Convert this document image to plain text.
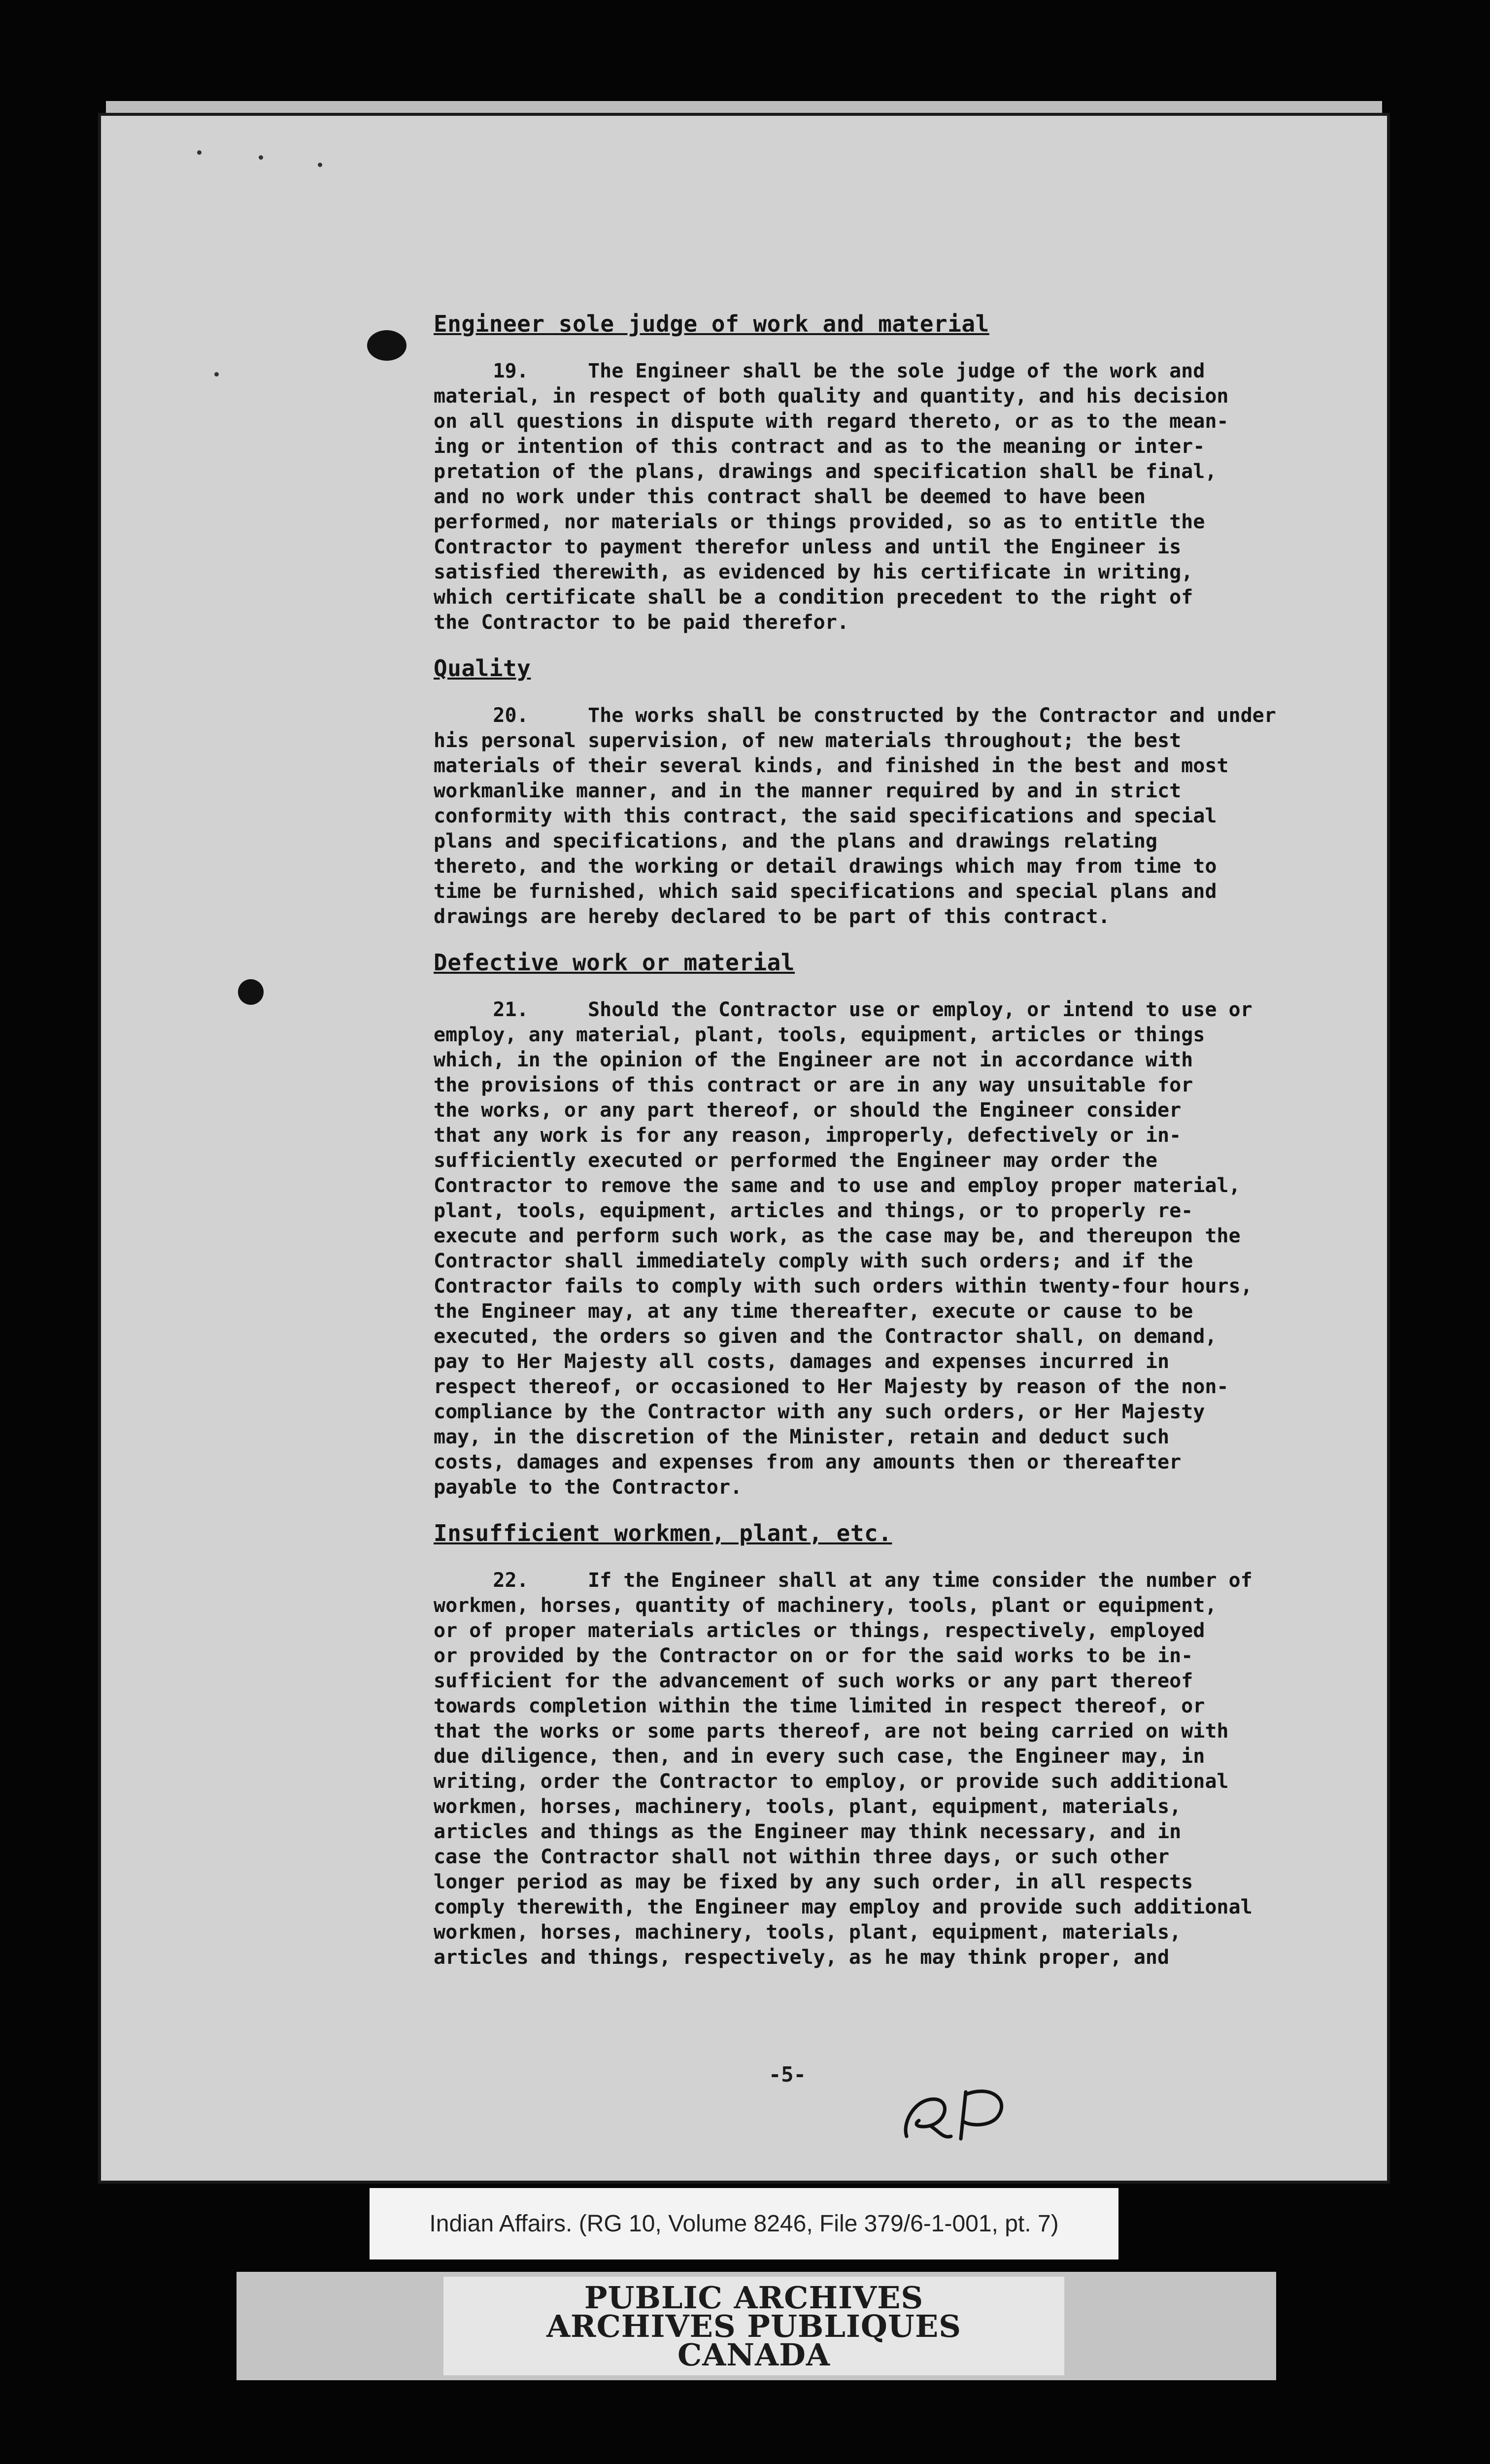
Engineer sole judge of work and material

19.     The Engineer shall be the sole judge of the work and
material, in respect of both quality and quantity, and his decision
on all questions in dispute with regard thereto, or as to the mean-
ing or intention of this contract and as to the meaning or inter-
pretation of the plans, drawings and specification shall be final,
and no work under this contract shall be deemed to have been
performed, nor materials or things provided, so as to entitle the
Contractor to payment therefor unless and until the Engineer is
satisfied therewith, as evidenced by his certificate in writing,
which certificate shall be a condition precedent to the right of
the Contractor to be paid therefor.

Quality

20.     The works shall be constructed by the Contractor and under
his personal supervision, of new materials throughout; the best
materials of their several kinds, and finished in the best and most
workmanlike manner, and in the manner required by and in strict
conformity with this contract, the said specifications and special
plans and specifications, and the plans and drawings relating
thereto, and the working or detail drawings which may from time to
time be furnished, which said specifications and special plans and
drawings are hereby declared to be part of this contract.

Defective work or material

21.     Should the Contractor use or employ, or intend to use or
employ, any material, plant, tools, equipment, articles or things
which, in the opinion of the Engineer are not in accordance with
the provisions of this contract or are in any way unsuitable for
the works, or any part thereof, or should the Engineer consider
that any work is for any reason, improperly, defectively or in-
sufficiently executed or performed the Engineer may order the
Contractor to remove the same and to use and employ proper material,
plant, tools, equipment, articles and things, or to properly re-
execute and perform such work, as the case may be, and thereupon the
Contractor shall immediately comply with such orders; and if the
Contractor fails to comply with such orders within twenty-four hours,
the Engineer may, at any time thereafter, execute or cause to be
executed, the orders so given and the Contractor shall, on demand,
pay to Her Majesty all costs, damages and expenses incurred in
respect thereof, or occasioned to Her Majesty by reason of the non-
compliance by the Contractor with any such orders, or Her Majesty
may, in the discretion of the Minister, retain and deduct such
costs, damages and expenses from any amounts then or thereafter
payable to the Contractor.

Insufficient workmen, plant, etc.

22.     If the Engineer shall at any time consider the number of
workmen, horses, quantity of machinery, tools, plant or equipment,
or of proper materials articles or things, respectively, employed
or provided by the Contractor on or for the said works to be in-
sufficient for the advancement of such works or any part thereof
towards completion within the time limited in respect thereof, or
that the works or some parts thereof, are not being carried on with
due diligence, then, and in every such case, the Engineer may, in
writing, order the Contractor to employ, or provide such additional
workmen, horses, machinery, tools, plant, equipment, materials,
articles and things as the Engineer may think necessary, and in
case the Contractor shall not within three days, or such other
longer period as may be fixed by any such order, in all respects
comply therewith, the Engineer may employ and provide such additional
workmen, horses, machinery, tools, plant, equipment, materials,
articles and things, respectively, as he may think proper, and

-5-
Indian Affairs. (RG 10, Volume 8246, File 379/6-1-001, pt. 7)
PUBLIC ARCHIVES
ARCHIVES PUBLIQUES
CANADA
